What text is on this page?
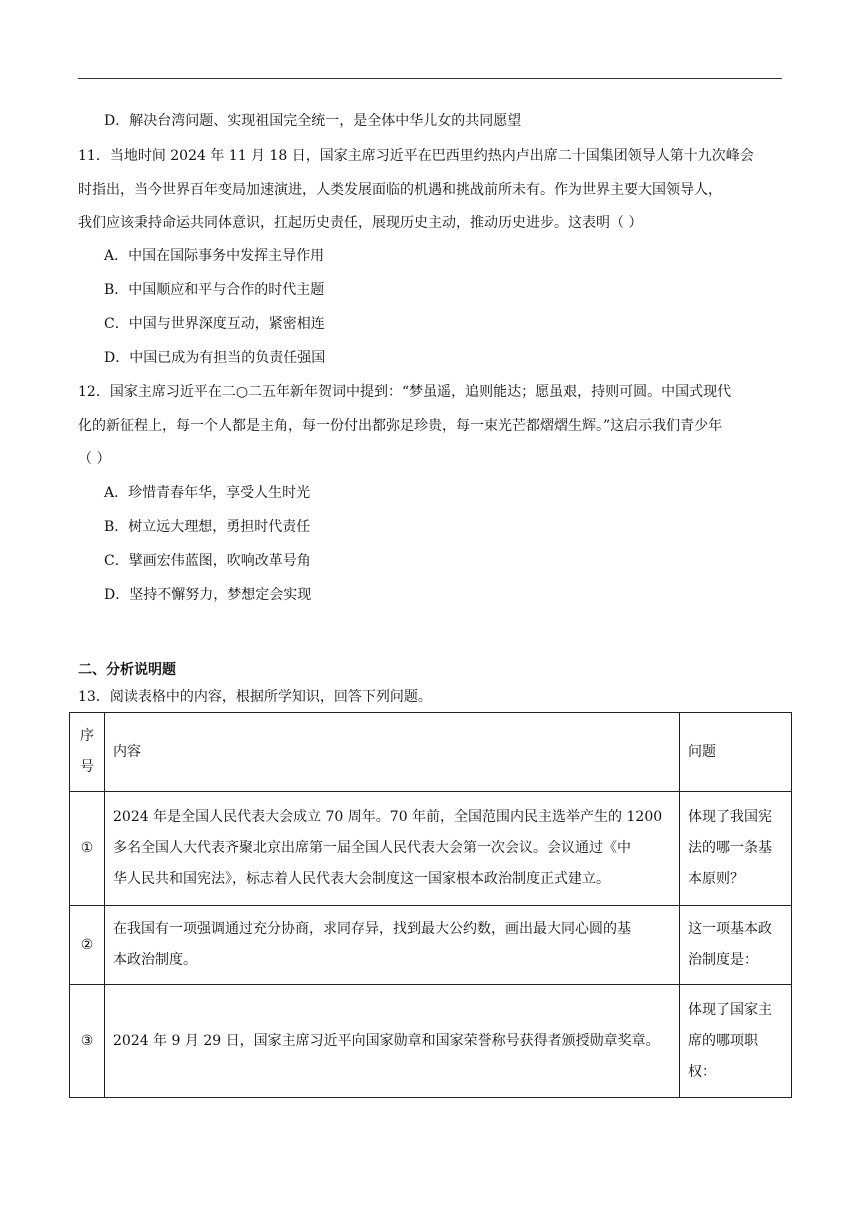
D．解决台湾问题、实现祖国完全统一，是全体中华儿女的共同愿望
11．当地时间 2024 年 11 月 18 日，国家主席习近平在巴西里约热内卢出席二十国集团领导人第十九次峰会
时指出，当今世界百年变局加速演进，人类发展面临的机遇和挑战前所未有。作为世界主要大国领导人，
我们应该秉持命运共同体意识，扛起历史责任，展现历史主动，推动历史进步。这表明（ ）
A．中国在国际事务中发挥主导作用
B．中国顺应和平与合作的时代主题
C．中国与世界深度互动，紧密相连
D．中国已成为有担当的负责任强国
12．国家主席习近平在二○二五年新年贺词中提到：“梦虽遥，追则能达；愿虽艰，持则可圆。中国式现代
化的新征程上，每一个人都是主角，每一份付出都弥足珍贵，每一束光芒都熠熠生辉。”这启示我们青少年
（ ）
A．珍惜青春年华，享受人生时光
B．树立远大理想，勇担时代责任
C．擘画宏伟蓝图，吹响改革号角
D．坚持不懈努力，梦想定会实现
二、分析说明题
13．阅读表格中的内容，根据所学知识，回答下列问题。
序
号	内容	问题
①	2024 年是全国人民代表大会成立 70 周年。70 年前，全国范围内民主选举产生的 1200
多名全国人大代表齐聚北京出席第一届全国人民代表大会第一次会议。会议通过《中
华人民共和国宪法》，标志着人民代表大会制度这一国家根本政治制度正式建立。	体现了我国宪
法的哪一条基
本原则？

②	在我国有一项强调通过充分协商，求同存异，找到最大公约数，画出最大同心圆的基
本政治制度。	这一项基本政
治制度是：

③	2024 年 9 月 29 日，国家主席习近平向国家勋章和国家荣誉称号获得者颁授勋章奖章。	体现了国家主
席的哪项职
权：
